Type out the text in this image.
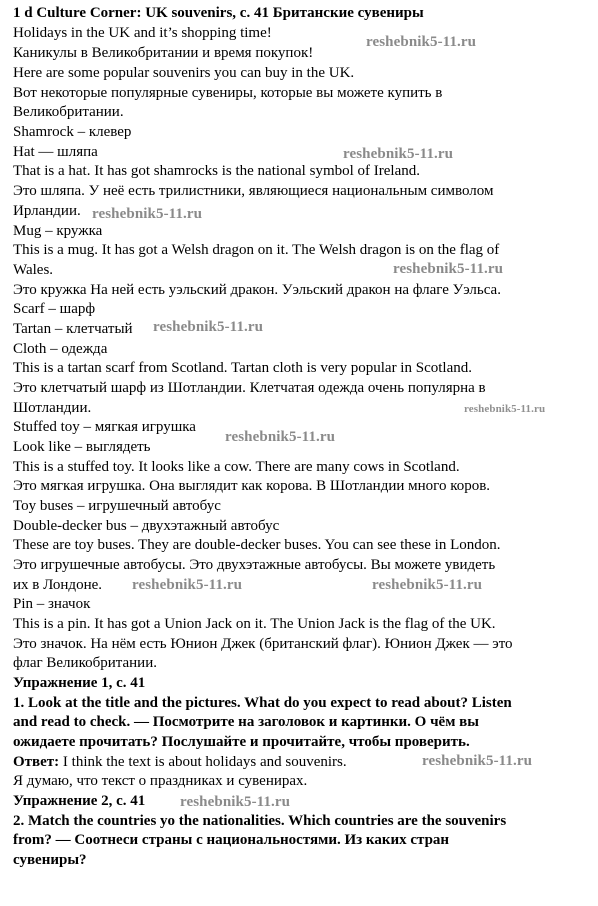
1 d Culture Corner: UK souvenirs, с. 41 Британские сувениры
Holidays in the UK and it’s shopping time!
Каникулы в Великобритании и время покупок!
Here are some popular souvenirs you can buy in the UK.
Вот некоторые популярные сувениры, которые вы можете купить в
Великобритании.
Shamrock – клевер
Hat — шляпа
That is a hat. It has got shamrocks is the national symbol of Ireland.
Это шляпа. У неё есть трилистники, являющиеся национальным символом
Ирландии.
Mug – кружка
This is a mug. It has got a Welsh dragon on it. The Welsh dragon is on the flag of
Wales.
Это кружка На ней есть уэльский дракон. Уэльский дракон на флаге Уэльса.
Scarf – шарф
Tartan – клетчатый
Cloth – одежда
This is a tartan scarf from Scotland. Tartan cloth is very popular in Scotland.
Это клетчатый шарф из Шотландии. Клетчатая одежда очень популярна в
Шотландии.
Stuffed toy – мягкая игрушка
Look like – выглядеть
This is a stuffed toy. It looks like a cow. There are many cows in Scotland.
Это мягкая игрушка. Она выглядит как корова. В Шотландии много коров.
Toy buses – игрушечный автобус
Double-decker bus – двухэтажный автобус
These are toy buses. They are double-decker buses. You can see these in London.
Это игрушечные автобусы. Это двухэтажные автобусы. Вы можете увидеть
их в Лондоне.
Pin – значок
This is a pin. It has got a Union Jack on it. The Union Jack is the flag of the UK.
Это значок. На нём есть Юнион Джек (британский флаг). Юнион Джек — это
флаг Великобритании.
Упражнение 1, с. 41
1. Look at the title and the pictures. What do you expect to read about? Listen
and read to check. — Посмотрите на заголовок и картинки. О чём вы
ожидаете прочитать? Послушайте и прочитайте, чтобы проверить.
Ответ: I think the text is about holidays and souvenirs.
Я думаю, что текст о праздниках и сувенирах.
Упражнение 2, с. 41
2. Match the countries yo the nationalities. Which countries are the souvenirs
from? — Соотнеси страны с национальностями. Из каких стран
сувениры?
reshebnik5-11.ru
reshebnik5-11.ru
reshebnik5-11.ru
reshebnik5-11.ru
reshebnik5-11.ru
reshebnik5-11.ru
reshebnik5-11.ru
reshebnik5-11.ru	reshebnik5-11.ru
reshebnik5-11.ru
reshebnik5-11.ru
